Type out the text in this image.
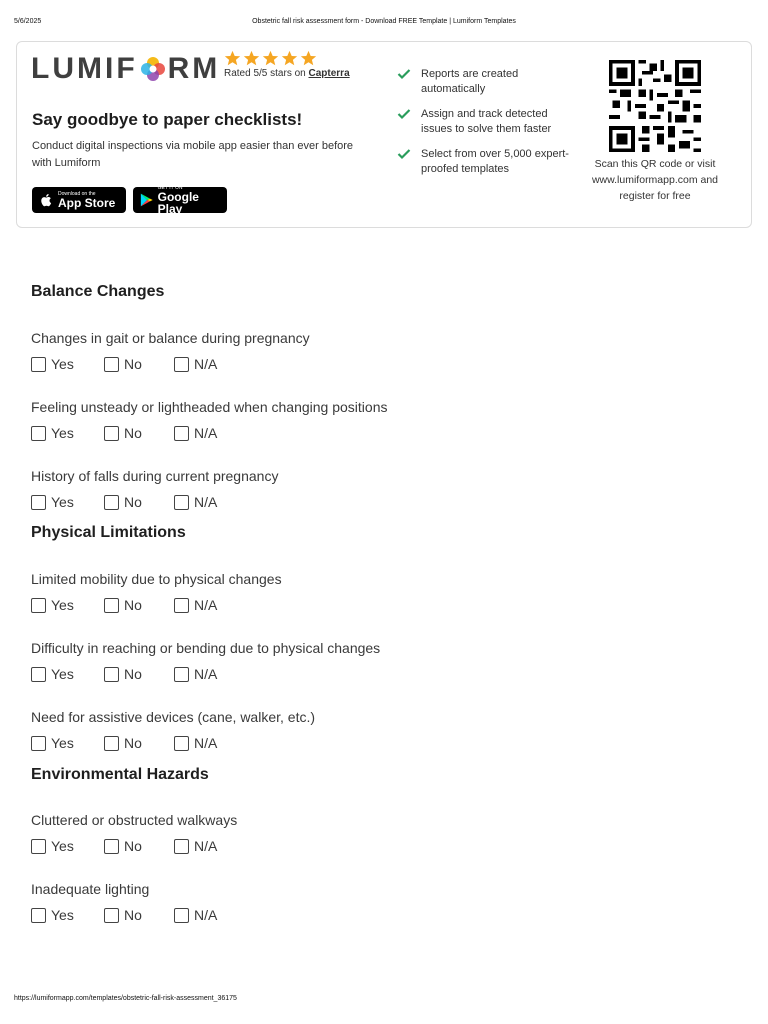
5/6/2025	Obstetric fall risk assessment form - Download FREE Template | Lumiform Templates
LUMIF RM Rated 5/5 stars on Capterra
Say goodbye to paper checklists!
Conduct digital inspections via mobile app easier than ever before with Lumiform
Download on the
App Store
GET IT ON
Google Play
Reports are created automatically
Assign and track detected issues to solve them faster
Select from over 5,000 expert-proofed templates	Scan this QR code or visit www.lumiformapp.com and register for free
Balance Changes
Changes in gait or balance during pregnancy
Yes	No	N/A
Feeling unsteady or lightheaded when changing positions
Yes	No	N/A
History of falls during current pregnancy
Yes	No	N/A
Physical Limitations
Limited mobility due to physical changes
Yes	No	N/A
Difficulty in reaching or bending due to physical changes
Yes	No	N/A
Need for assistive devices (cane, walker, etc.)
Yes	No	N/A
Environmental Hazards
Cluttered or obstructed walkways
Yes	No	N/A
Inadequate lighting
Yes	No	N/A
https://lumiformapp.com/templates/obstetric-fall-risk-assessment_36175
